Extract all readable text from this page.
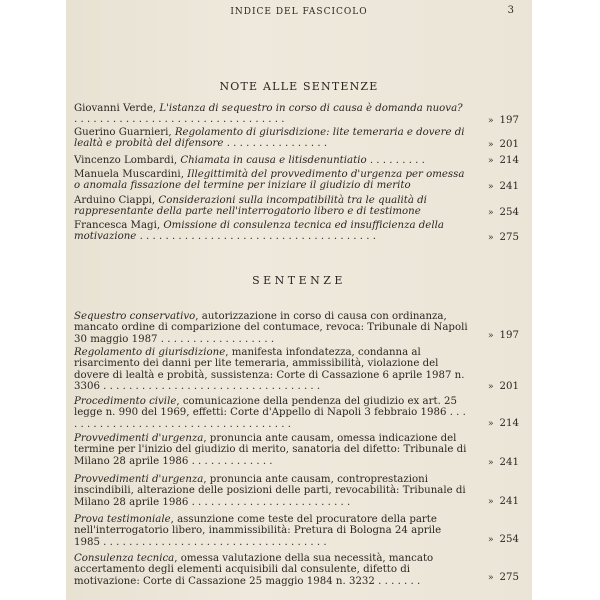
INDICE DEL FASCICOLO	3
NOTE ALLE SENTENZE
Giovanni Verde, L'istanza di sequestro in corso di causa è domanda nuova? . . . . . . . . . . . . . . . . . . . . . . . . . . . . . . . . .	» 197
Guerino Guarnieri, Regolamento di giurisdizione: lite temeraria e dovere di lealtà e probità del difensore . . . . . . . . . . . . . . . .	» 201
Vincenzo Lombardi, Chiamata in causa e litisdenuntiatio . . . . . . . . .	» 214
Manuela Muscardini, Illegittimità del provvedimento d'urgenza per omessa o anomala fissazione del termine per iniziare il giudizio di merito	» 241
Arduino Ciappi, Considerazioni sulla incompatibilità tra le qualità di rappresentante della parte nell'interrogatorio libero e di testimone	» 254
Francesca Magi, Omissione di consulenza tecnica ed insufficienza della motivazione . . . . . . . . . . . . . . . . . . . . . . . . . . . . . . . . . . . . .	» 275
SENTENZE
Sequestro conservativo, autorizzazione in corso di causa con ordinanza, mancato ordine di comparizione del contumace, revoca: Tribunale di Napoli 30 maggio 1987 . . . . . . . . . . . . . . . . . .	» 197
Regolamento di giurisdizione, manifesta infondatezza, condanna al risarcimento dei danni per lite temeraria, ammissibilità, violazione del dovere di lealtà e probità, sussistenza: Corte di Cassazione 6 aprile 1987 n. 3306 . . . . . . . . . . . . . . . . . . . . . . . . . . . . . . . . . .	» 201
Procedimento civile, comunicazione della pendenza del giudizio ex art. 25 legge n. 990 del 1969, effetti: Corte d'Appello di Napoli 3 febbraio 1986 . . . . . . . . . . . . . . . . . . . . . . . . . . . . . . . . . . . . .	» 214
Provvedimenti d'urgenza, pronuncia ante causam, omessa indicazione del termine per l'inizio del giudizio di merito, sanatoria del difetto: Tribunale di Milano 28 aprile 1986 . . . . . . . . . . . . .	» 241
Provvedimenti d'urgenza, pronuncia ante causam, controprestazioni inscindibili, alterazione delle posizioni delle parti, revocabilità: Tribunale di Milano 28 aprile 1986 . . . . . . . . . . . . . . . . . . . . . . . . .	» 241
Prova testimoniale, assunzione come teste del procuratore della parte nell'interrogatorio libero, inammissibilità: Pretura di Bologna 24 aprile 1985 . . . . . . . . . . . . . . . . . . . . . . . . . . . . . . . . . . .	» 254
Consulenza tecnica, omessa valutazione della sua necessità, mancato accertamento degli elementi acquisibili dal consulente, difetto di motivazione: Corte di Cassazione 25 maggio 1984 n. 3232 . . . . . . .	» 275
